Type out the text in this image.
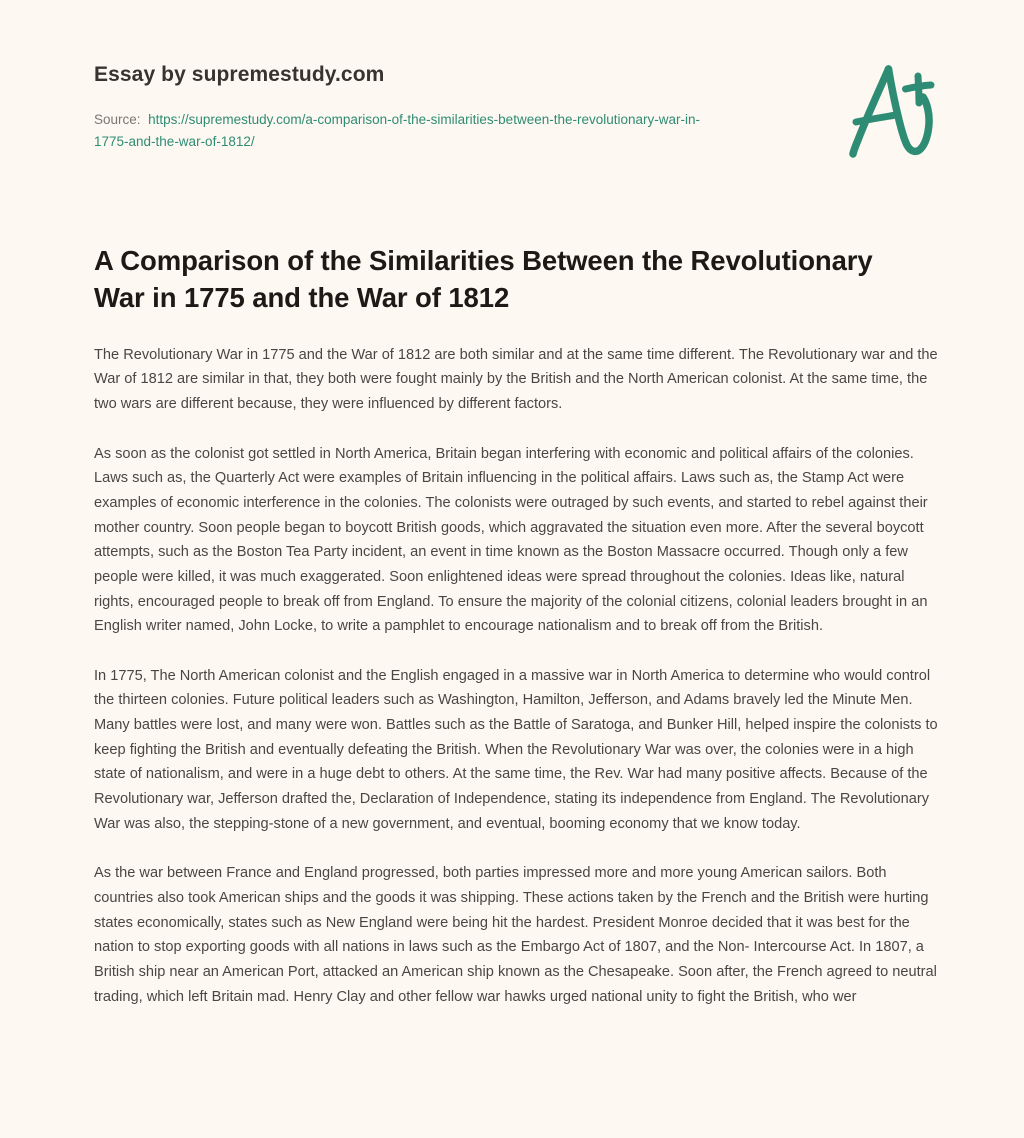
Essay by supremestudy.com
Source: https://supremestudy.com/a-comparison-of-the-similarities-between-the-revolutionary-war-in-1775-and-the-war-of-1812/
A Comparison of the Similarities Between the Revolutionary War in 1775 and the War of 1812

The Revolutionary War in 1775 and the War of 1812 are both similar and at the same time different. The Revolutionary war and the War of 1812 are similar in that, they both were fought mainly by the British and the North American colonist. At the same time, the two wars are different because, they were influenced by different factors.

As soon as the colonist got settled in North America, Britain began interfering with economic and political affairs of the colonies. Laws such as, the Quarterly Act were examples of Britain influencing in the political affairs. Laws such as, the Stamp Act were examples of economic interference in the colonies. The colonists were outraged by such events, and started to rebel against their mother country. Soon people began to boycott British goods, which aggravated the situation even more. After the several boycott attempts, such as the Boston Tea Party incident, an event in time known as the Boston Massacre occurred. Though only a few people were killed, it was much exaggerated. Soon enlightened ideas were spread throughout the colonies. Ideas like, natural rights, encouraged people to break off from England. To ensure the majority of the colonial citizens, colonial leaders brought in an English writer named, John Locke, to write a pamphlet to encourage nationalism and to break off from the British.

In 1775, The North American colonist and the English engaged in a massive war in North America to determine who would control the thirteen colonies. Future political leaders such as Washington, Hamilton, Jefferson, and Adams bravely led the Minute Men. Many battles were lost, and many were won. Battles such as the Battle of Saratoga, and Bunker Hill, helped inspire the colonists to keep fighting the British and eventually defeating the British. When the Revolutionary War was over, the colonies were in a high state of nationalism, and were in a huge debt to others. At the same time, the Rev. War had many positive affects. Because of the Revolutionary war, Jefferson drafted the, Declaration of Independence, stating its independence from England. The Revolutionary War was also, the stepping-stone of a new government, and eventual, booming economy that we know today.

As the war between France and England progressed, both parties impressed more and more young American sailors. Both countries also took American ships and the goods it was shipping. These actions taken by the French and the British were hurting states economically, states such as New England were being hit the hardest. President Monroe decided that it was best for the nation to stop exporting goods with all nations in laws such as the Embargo Act of 1807, and the Non- Intercourse Act. In 1807, a British ship near an American Port, attacked an American ship known as the Chesapeake. Soon after, the French agreed to neutral trading, which left Britain mad. Henry Clay and other fellow war hawks urged national unity to fight the British, who wer
